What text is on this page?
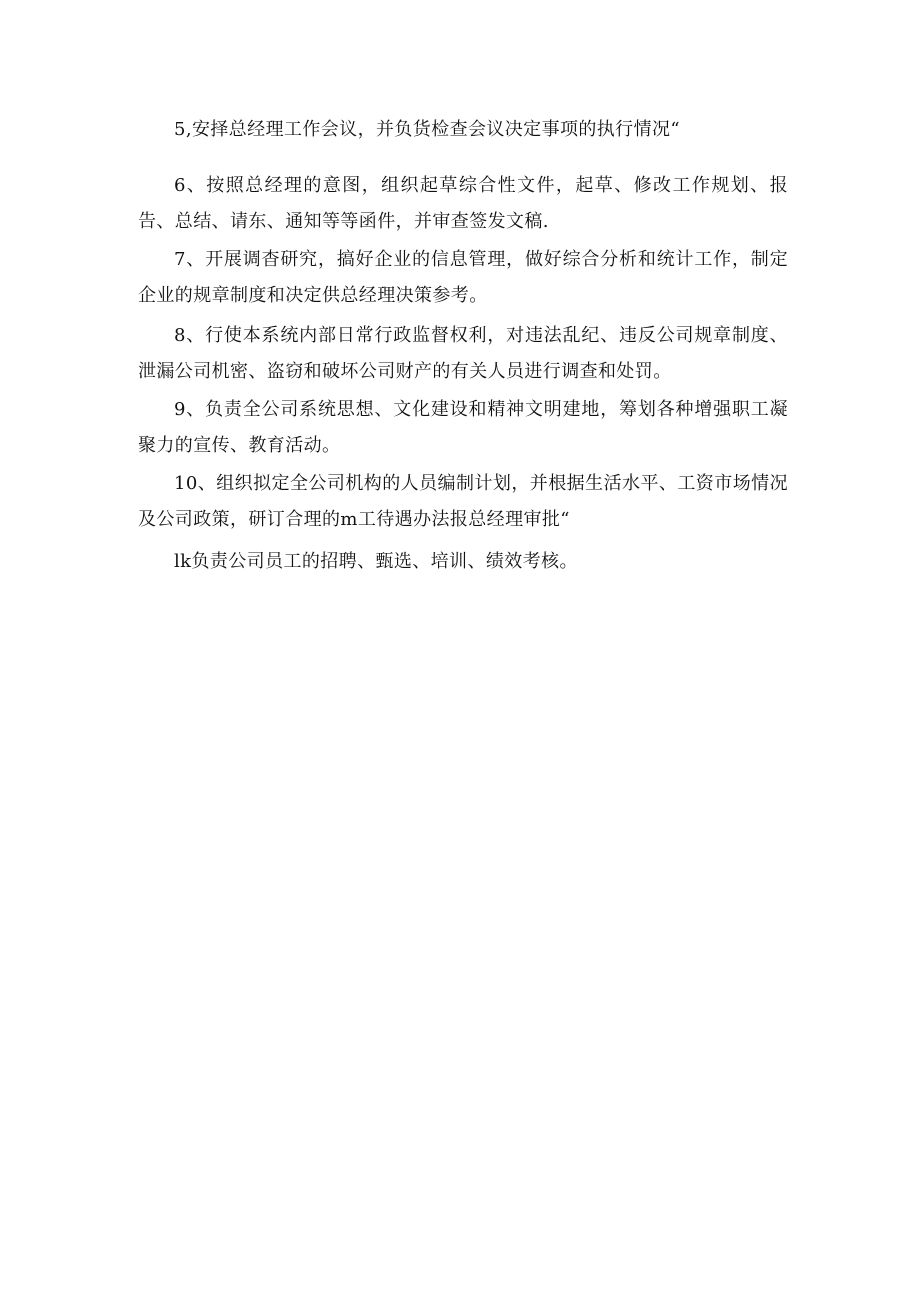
5,安择总经理工作会议，并负货检查会议决定事项的执行情况“

6、按照总经理的意图，组织起草综合性文件，起草、修改工作规划、报告、总结、请东、通知等等函件，并审查签发文稿.

7、开展调杳研究，搞好企业的信息管理，做好综合分析和统计工作，制定企业的规章制度和决定供总经理决策参考。

8、行使本系统内部日常行政监督权利，对违法乱纪、违反公司规章制度、泄漏公司机密、盗窃和破坏公司财产的有关人员进行调查和处罚。

9、负责全公司系统思想、文化建设和精神文明建地，筹划各种增强职工凝聚力的宣传、教育活动。

10、组织拟定全公司机构的人员编制计划，并根据生活水平、工资市场情况及公司政策，研订合理的m工待遇办法报总经理审批“

lk负责公司员工的招聘、甄选、培训、绩效考核。
